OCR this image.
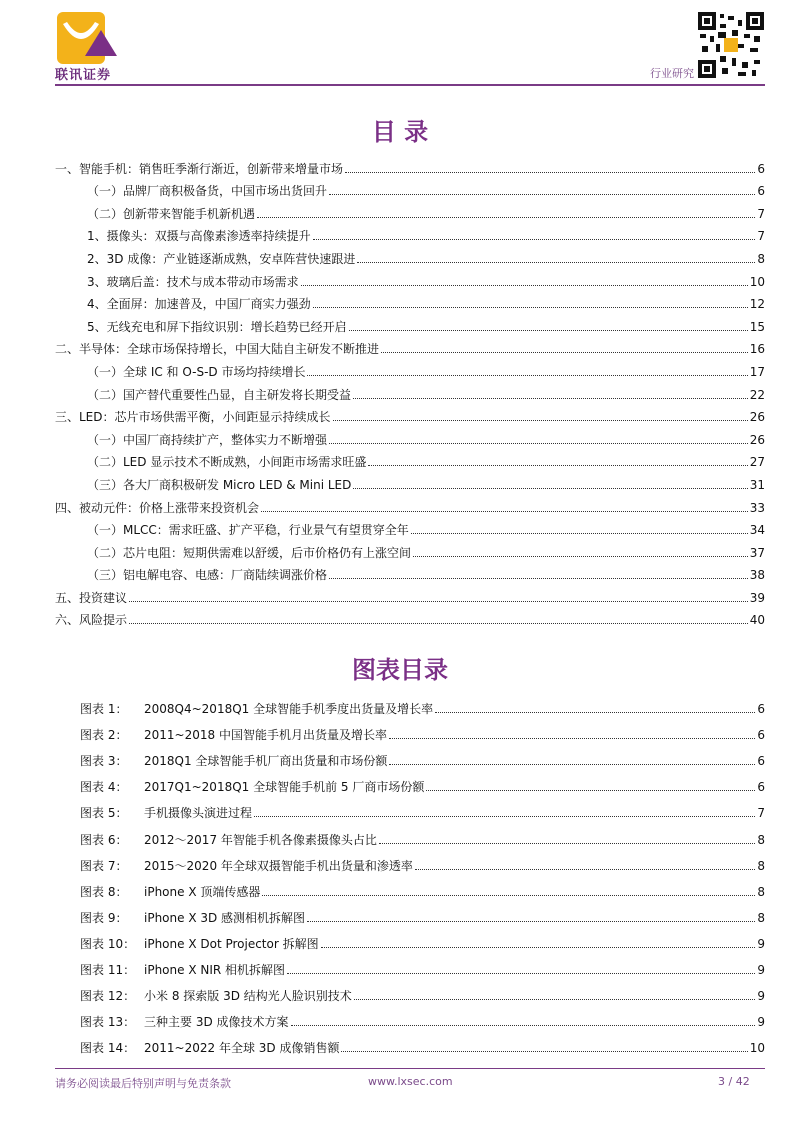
联讯证券	行业研究
目 录
一、智能手机：销售旺季渐行渐近，创新带来增量市场	6
（一）品牌厂商积极备货，中国市场出货回升	6
（二）创新带来智能手机新机遇	7
1、摄像头：双摄与高像素渗透率持续提升	7
2、3D 成像：产业链逐渐成熟，安卓阵营快速跟进	8
3、玻璃后盖：技术与成本带动市场需求	10
4、全面屏：加速普及，中国厂商实力强劲	12
5、无线充电和屏下指纹识别：增长趋势已经开启	15
二、半导体：全球市场保持增长，中国大陆自主研发不断推进	16
（一）全球 IC 和 O-S-D 市场均持续增长	17
（二）国产替代重要性凸显，自主研发将长期受益	22
三、LED：芯片市场供需平衡，小间距显示持续成长	26
（一）中国厂商持续扩产，整体实力不断增强	26
（二）LED 显示技术不断成熟，小间距市场需求旺盛	27
（三）各大厂商积极研发 Micro LED & Mini LED	31
四、被动元件：价格上涨带来投资机会	33
（一）MLCC：需求旺盛、扩产平稳，行业景气有望贯穿全年	34
（二）芯片电阻：短期供需难以舒缓，后市价格仍有上涨空间	37
（三）铝电解电容、电感：厂商陆续调涨价格	38
五、投资建议	39
六、风险提示	40
图表目录
图表 1： 2008Q4~2018Q1 全球智能手机季度出货量及增长率	6
图表 2： 2011~2018 中国智能手机月出货量及增长率	6
图表 3： 2018Q1 全球智能手机厂商出货量和市场份额	6
图表 4： 2017Q1~2018Q1 全球智能手机前 5 厂商市场份额	6
图表 5： 手机摄像头演进过程	7
图表 6： 2012～2017 年智能手机各像素摄像头占比	8
图表 7： 2015～2020 年全球双摄智能手机出货量和渗透率	8
图表 8： iPhone X 顶端传感器	8
图表 9： iPhone X 3D 感测相机拆解图	8
图表 10： iPhone X Dot Projector 拆解图	9
图表 11： iPhone X NIR 相机拆解图	9
图表 12： 小米 8 探索版 3D 结构光人脸识别技术	9
图表 13： 三种主要 3D 成像技术方案	9
图表 14： 2011~2022 年全球 3D 成像销售额	10
请务必阅读最后特别声明与免责条款	www.lxsec.com	3 / 42
